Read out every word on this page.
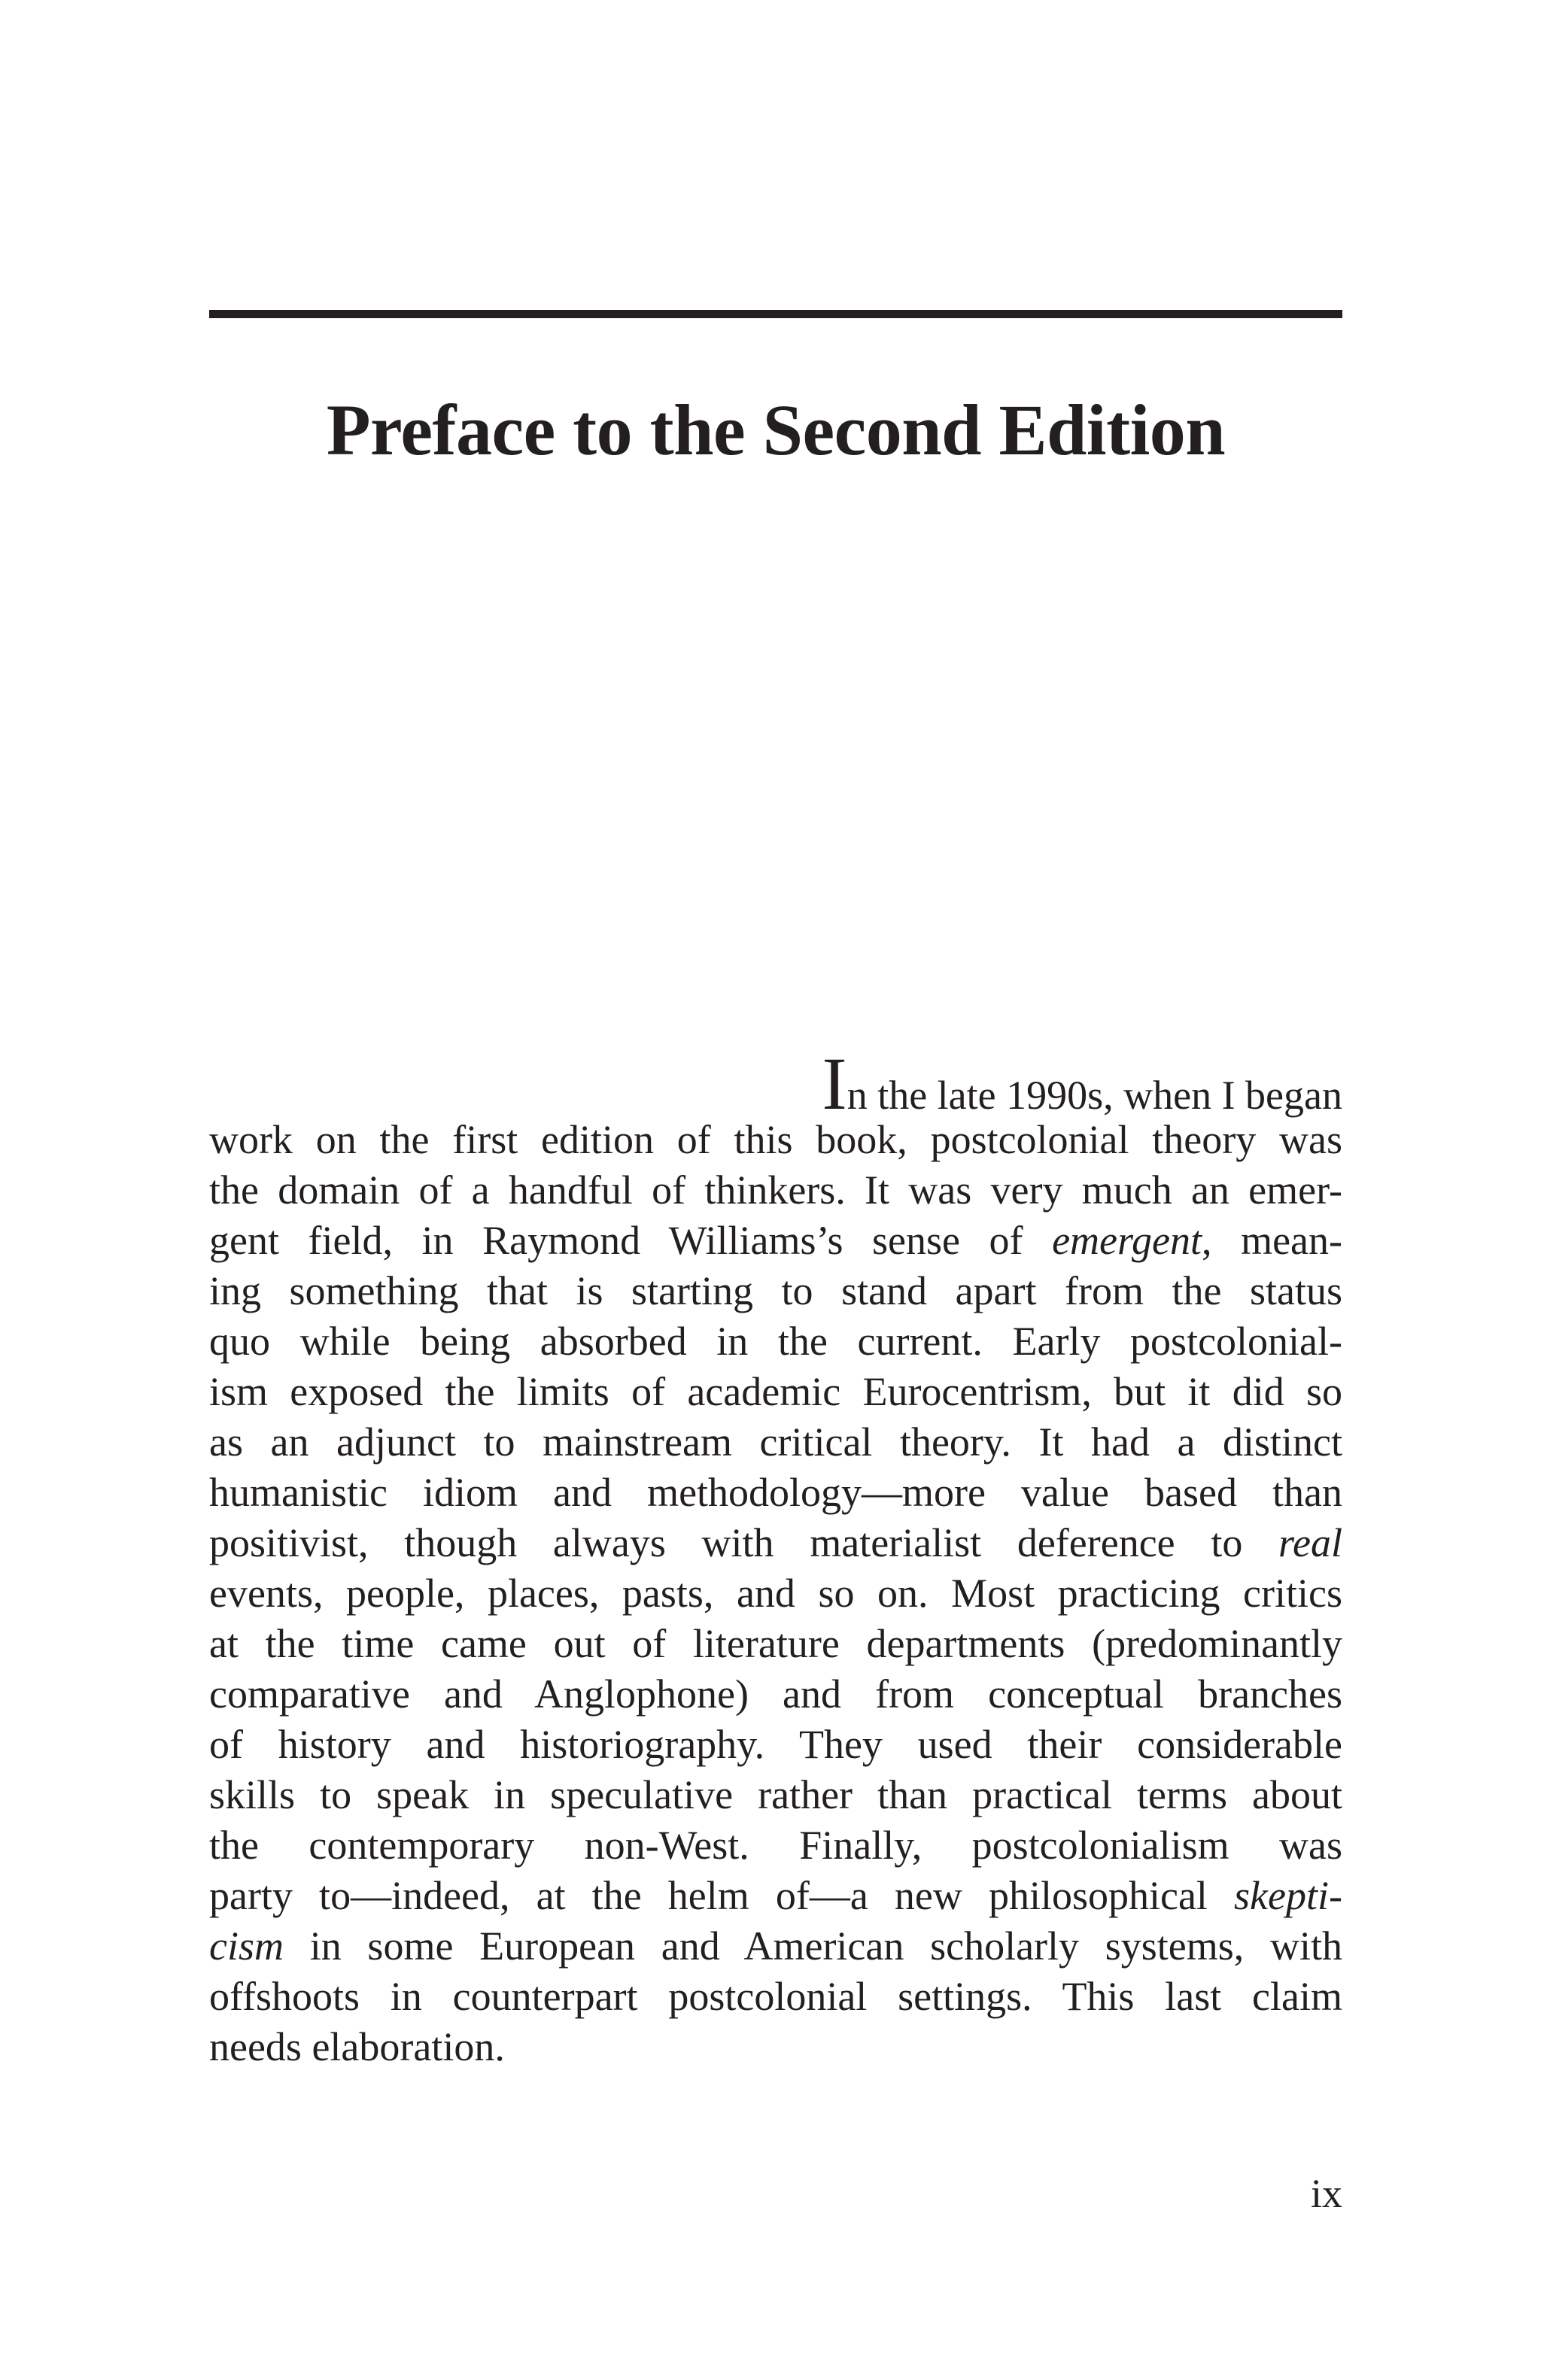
Preface to the Second Edition
In the late 1990s, when I began
work on the first edition of this book, postcolonial theory was
the domain of a handful of thinkers. It was very much an emer-
gent field, in Raymond Williams’s sense of emergent, mean-
ing something that is starting to stand apart from the status
quo while being absorbed in the current. Early postcolonial-
ism exposed the limits of academic Eurocentrism, but it did so
as an adjunct to mainstream critical theory. It had a distinct
humanistic idiom and methodology—more value based than
positivist, though always with materialist deference to real
events, people, places, pasts, and so on. Most practicing critics
at the time came out of literature departments (predominantly
comparative and Anglophone) and from conceptual branches
of history and historiography. They used their considerable
skills to speak in speculative rather than practical terms about
the contemporary non-West. Finally, postcolonialism was
party to—indeed, at the helm of—a new philosophical skepti-
cism in some European and American scholarly systems, with
offshoots in counterpart postcolonial settings. This last claim
needs elaboration.

ix
